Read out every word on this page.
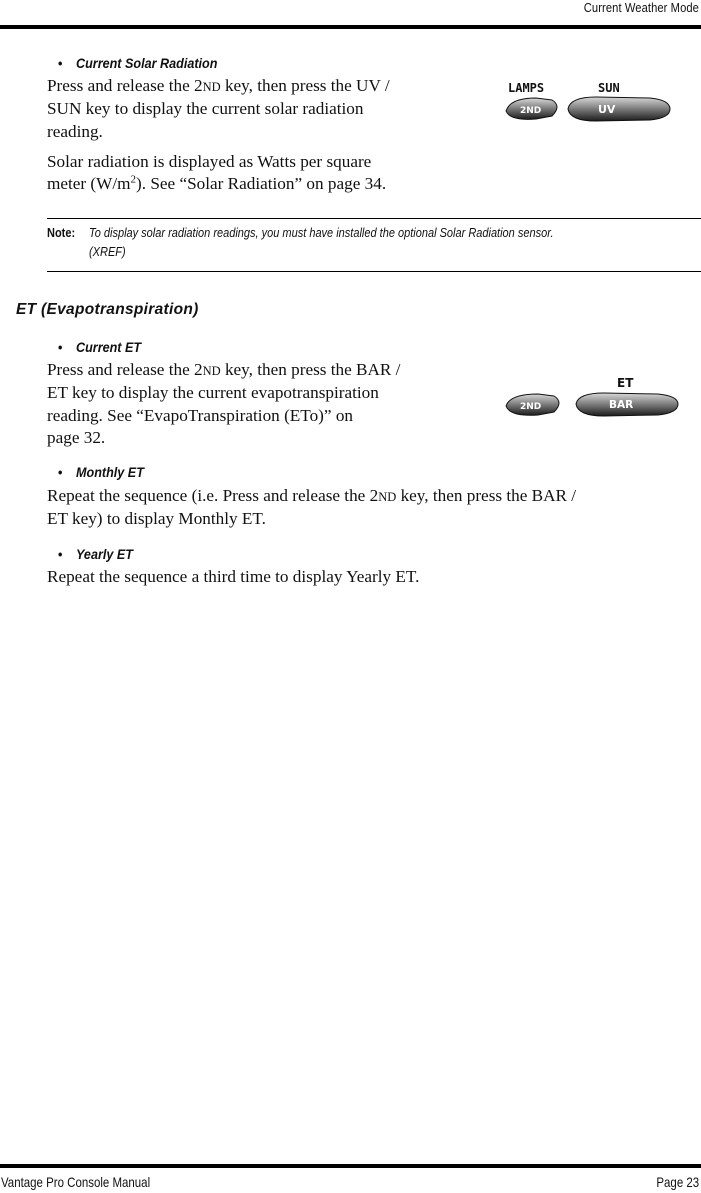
Current Weather Mode
• Current Solar Radiation
Press and release the 2ND key, then press the UV /
SUN key to display the current solar radiation
reading.
Solar radiation is displayed as Watts per square
meter $(W/m^2)$. See “Solar Radiation” on page 34.
LAMPS
2ND
SUN
UV
Note: To display solar radiation readings, you must have installed the optional Solar Radiation sensor.
(XREF)
ET (Evapotranspiration)
• Current ET
Press and release the 2ND key, then press the BAR /
ET key to display the current evapotranspiration
reading. See “EvapoTranspiration (ETo)” on
page 32.
2ND
ET
BAR
• Monthly ET
Repeat the sequence (i.e. Press and release the 2ND key, then press the BAR /
ET key) to display Monthly ET.
• Yearly ET
Repeat the sequence a third time to display Yearly ET.
Vantage Pro Console Manual	Page 23
